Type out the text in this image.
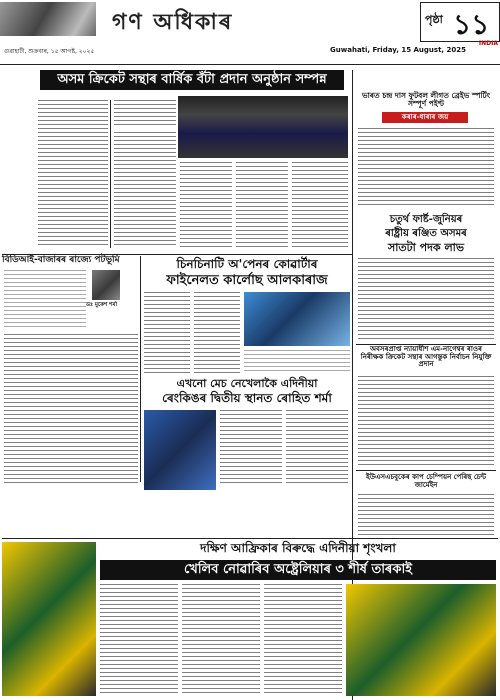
গণ অধিকাৰ
গুৱাহাটী, শুক্ৰবাৰ, ১৫ আগষ্ট, ২০২৫	Guwahati, Friday, 15 August, 2025
পৃষ্ঠা ১১
INDIA
অসম ক্ৰিকেট সন্থাৰ বাৰ্ষিক বঁটা প্ৰদান অনুষ্ঠান সম্পন্ন
ভাৰত চন্দ্ৰ দাস ফুটবল লীগত ব্ৰেইভ স্পৰ্টিং সম্পূৰ্ণ পইণ্ট
কৰাৰ-ধাৰাৰ জয়
চতুৰ্থ ফাৰ্ষ্ট-জুনিয়ৰ
ৰাষ্ট্ৰীয় ৰঞ্জিত অসমৰ
সাতটা পদক লাভ
অবসৰপ্ৰাপ্ত ন্যায়াধীশ এম-নাগেশ্বৰ ৰাওৰ নিৰীক্ষক ক্ৰিকেট সন্থাৰ আগন্তুক নিৰ্বাচন নিযুক্তি প্ৰদান
ইউএসএচবুকেৰ কাপ চেম্পিয়ন পেৰিছ চেন্ট জাৰ্মেইন
বিডিআই-বাজাৰৰ ৰাজ্যে পটভূমি
ডঃ মুকেশ শৰ্মা
চিনচিনাটি অ'পেনৰ কোৱাৰ্টাৰ
ফাইনেলত কাৰ্লোছ আলকাৰাজ
এখনো মেচ নেখেলাকৈ এদিনীয়া
ৰেংকিঙৰ দ্বিতীয় স্থানত ৰোহিত শৰ্মা
দক্ষিণ আফ্ৰিকাৰ বিৰুদ্ধে এদিনীয়া শৃংখলা
খেলিব নোৱাৰিব অষ্ট্ৰেলিয়াৰ ৩ শীৰ্ষ তাৰকাই
